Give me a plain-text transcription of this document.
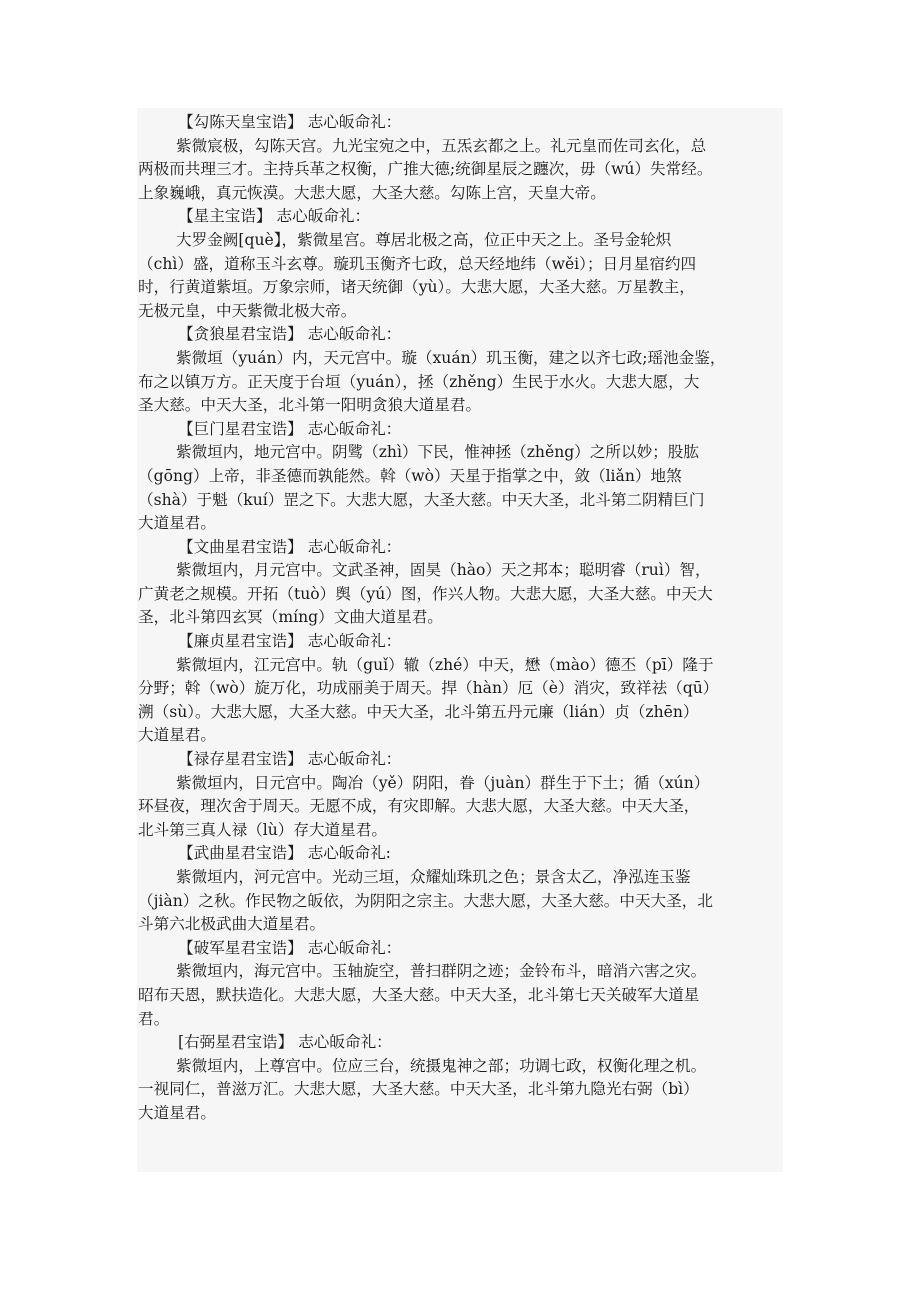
【勾陈天皇宝诰】 志心皈命礼：
紫微宸极，勾陈天宫。九光宝宛之中，五炁玄都之上。礼元皇而佐司玄化，总
两极而共理三才。主持兵革之权衡，广推大德;统御星辰之躔次，毋（wú）失常经。
上象巍峨，真元恢漠。大悲大愿，大圣大慈。勾陈上宫，天皇大帝。
【星主宝诰】 志心皈命礼：
大罗金阙[què】，紫微星宫。尊居北极之高，位正中天之上。圣号金轮炽
（chì）盛，道称玉斗玄尊。璇玑玉衡齐七政，总天经地纬（wěi）；日月星宿约四
时，行黄道紫垣。万象宗师，诸天统御（yù）。大悲大愿，大圣大慈。万星教主，
无极元皇，中天紫微北极大帝。
【贪狼星君宝诰】 志心皈命礼：
紫微垣（yuán）内，天元宫中。璇（xuán）玑玉衡，建之以齐七政;瑶池金鉴，
布之以镇万方。正天度于台垣（yuán），拯（zhěng）生民于水火。大悲大愿，大
圣大慈。中天大圣，北斗第一阳明贪狼大道星君。
【巨门星君宝诰】 志心皈命礼：
紫微垣内，地元宫中。阴骘（zhì）下民，惟神拯（zhěng）之所以妙；股肱
（gōng）上帝，非圣德而孰能然。斡（wò）天星于指掌之中，敛（liǎn）地煞
（shà）于魁（kuí）罡之下。大悲大愿，大圣大慈。中天大圣，北斗第二阴精巨门
大道星君。
【文曲星君宝诰】 志心皈命礼：
紫微垣内，月元宫中。文武圣神，固昊（hào）天之邦本；聪明睿（ruì）智，
广黄老之规模。开拓（tuò）舆（yú）图，作兴人物。大悲大愿，大圣大慈。中天大
圣，北斗第四玄冥（míng）文曲大道星君。
【廉贞星君宝诰】 志心皈命礼：
紫微垣内，江元宫中。轨（guǐ）辙（zhé）中天，懋（mào）德丕（pī）隆于
分野；斡（wò）旋万化，功成丽美于周天。捍（hàn）厄（è）消灾，致祥祛（qū）
溯（sù）。大悲大愿，大圣大慈。中天大圣，北斗第五丹元廉（lián）贞（zhēn）
大道星君。
【禄存星君宝诰】 志心皈命礼：
紫微垣内，日元宫中。陶冶（yě）阴阳，眷（juàn）群生于下土；循（xún）
环昼夜，理次舍于周天。无愿不成，有灾即解。大悲大愿，大圣大慈。中天大圣，
北斗第三真人禄（lù）存大道星君。
【武曲星君宝诰】 志心皈命礼:
紫微垣内，河元宫中。光动三垣，众耀灿珠玑之色；景含太乙，净泓连玉鉴
（jiàn）之秋。作民物之皈依，为阴阳之宗主。大悲大愿，大圣大慈。中天大圣，北
斗第六北极武曲大道星君。
【破军星君宝诰】 志心皈命礼：
紫微垣内，海元宫中。玉轴旋空，普扫群阴之迹；金铃布斗，暗消六害之灾。
昭布天恩，默扶造化。大悲大愿，大圣大慈。中天大圣，北斗第七天关破军大道星
君。
[右弼星君宝诰】 志心皈命礼：
紫微垣内，上尊宫中。位应三台，统摄鬼神之部；功调七政，权衡化理之机。
一视同仁，普滋万汇。大悲大愿，大圣大慈。中天大圣，北斗第九隐光右弼（bì）
大道星君。
